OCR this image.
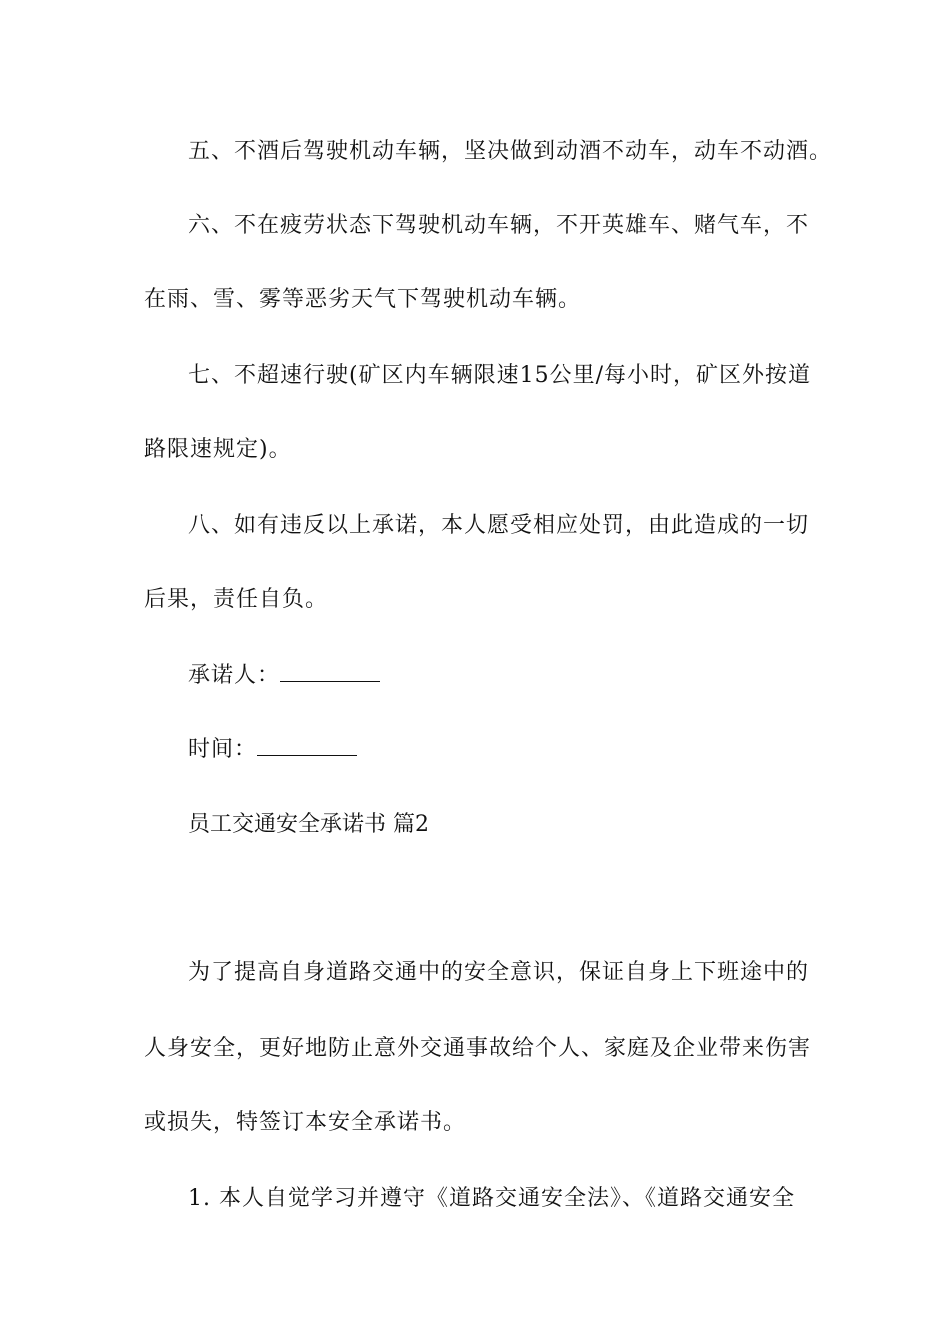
五、不酒后驾驶机动车辆，坚决做到动酒不动车，动车不动酒。
六、不在疲劳状态下驾驶机动车辆，不开英雄车、赌气车，不
在雨、雪、雾等恶劣天气下驾驶机动车辆。
七、不超速行驶(矿区内车辆限速15公里/每小时，矿区外按道
路限速规定)。
八、如有违反以上承诺，本人愿受相应处罚，由此造成的一切
后果，责任自负。
承诺人：
时间：
员工交通安全承诺书 篇2
为了提高自身道路交通中的安全意识，保证自身上下班途中的
人身安全，更好地防止意外交通事故给个人、家庭及企业带来伤害
或损失，特签订本安全承诺书。
1. 本人自觉学习并遵守《道路交通安全法》、《道路交通安全
